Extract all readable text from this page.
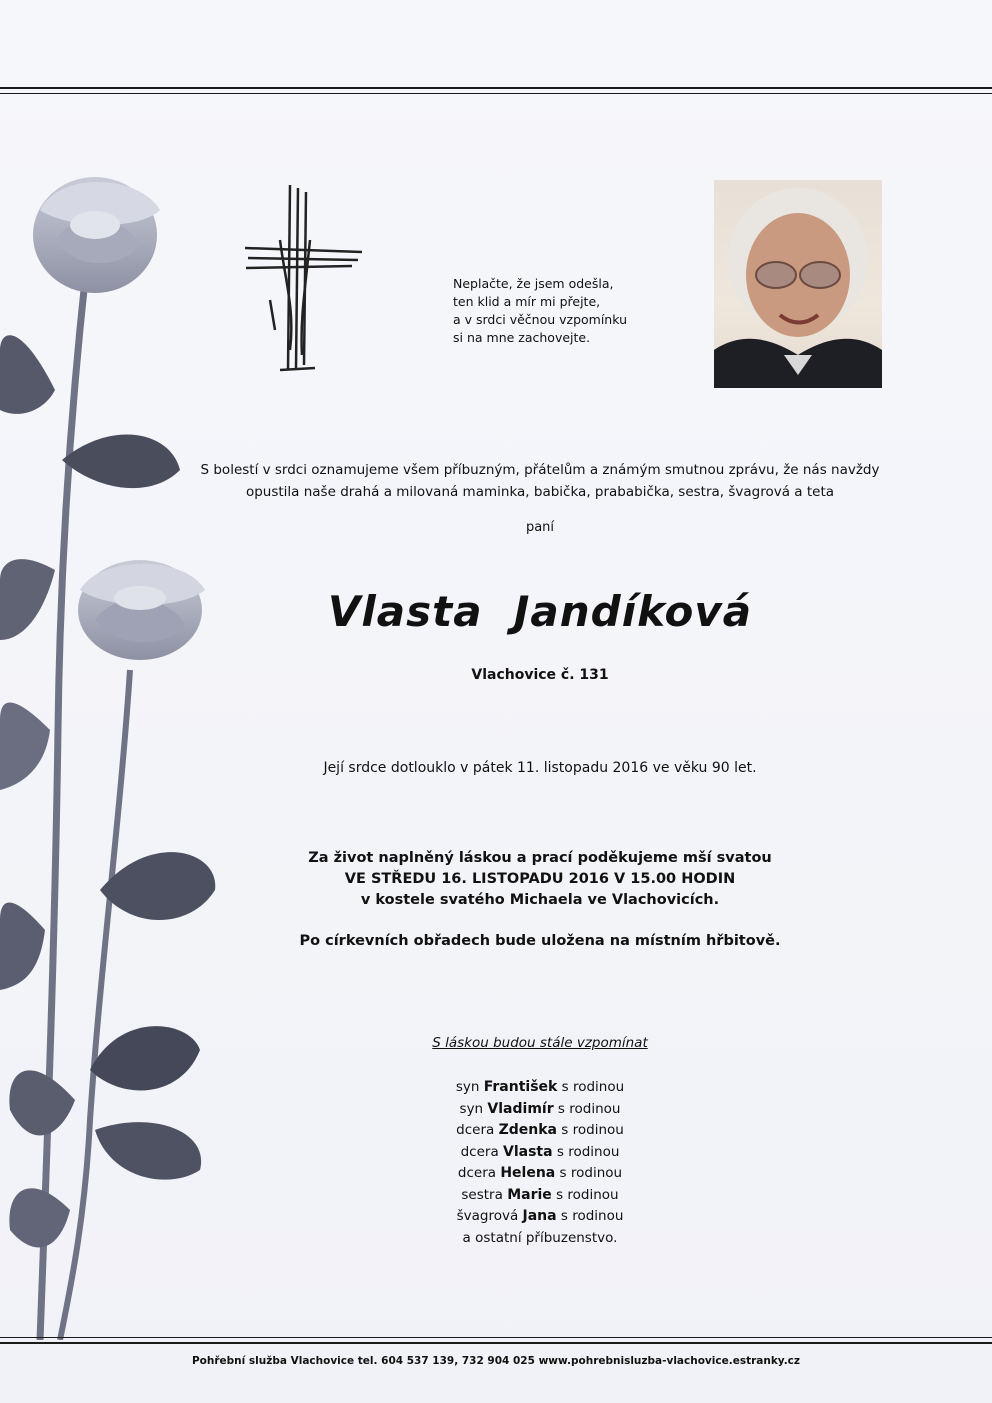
Neplačte, že jsem odešla,
ten klid a mír mi přejte,
a v srdci věčnou vzpomínku
si na mne zachovejte.
S bolestí v srdci oznamujeme všem příbuzným, přátelům a známým smutnou zprávu, že nás navždy
opustila naše drahá a milovaná maminka, babička, prababička, sestra, švagrová a teta
paní
Vlasta  Jandíková
Vlachovice č. 131
Její srdce dotlouklo v pátek 11. listopadu 2016 ve věku 90 let.
Za život naplněný láskou a prací poděkujeme mší svatou
VE STŘEDU 16. LISTOPADU 2016 V 15.00 HODIN
v kostele svatého Michaela ve Vlachovicích.
Po církevních obřadech bude uložena na místním hřbitově.
S láskou budou stále vzpomínat
syn František s rodinou
syn Vladimír s rodinou
dcera Zdenka s rodinou
dcera Vlasta s rodinou
dcera Helena s rodinou
sestra Marie s rodinou
švagrová Jana s rodinou
a ostatní příbuzenstvo.
Pohřební služba Vlachovice tel. 604 537 139, 732 904 025 www.pohrebnisluzba-vlachovice.estranky.cz
